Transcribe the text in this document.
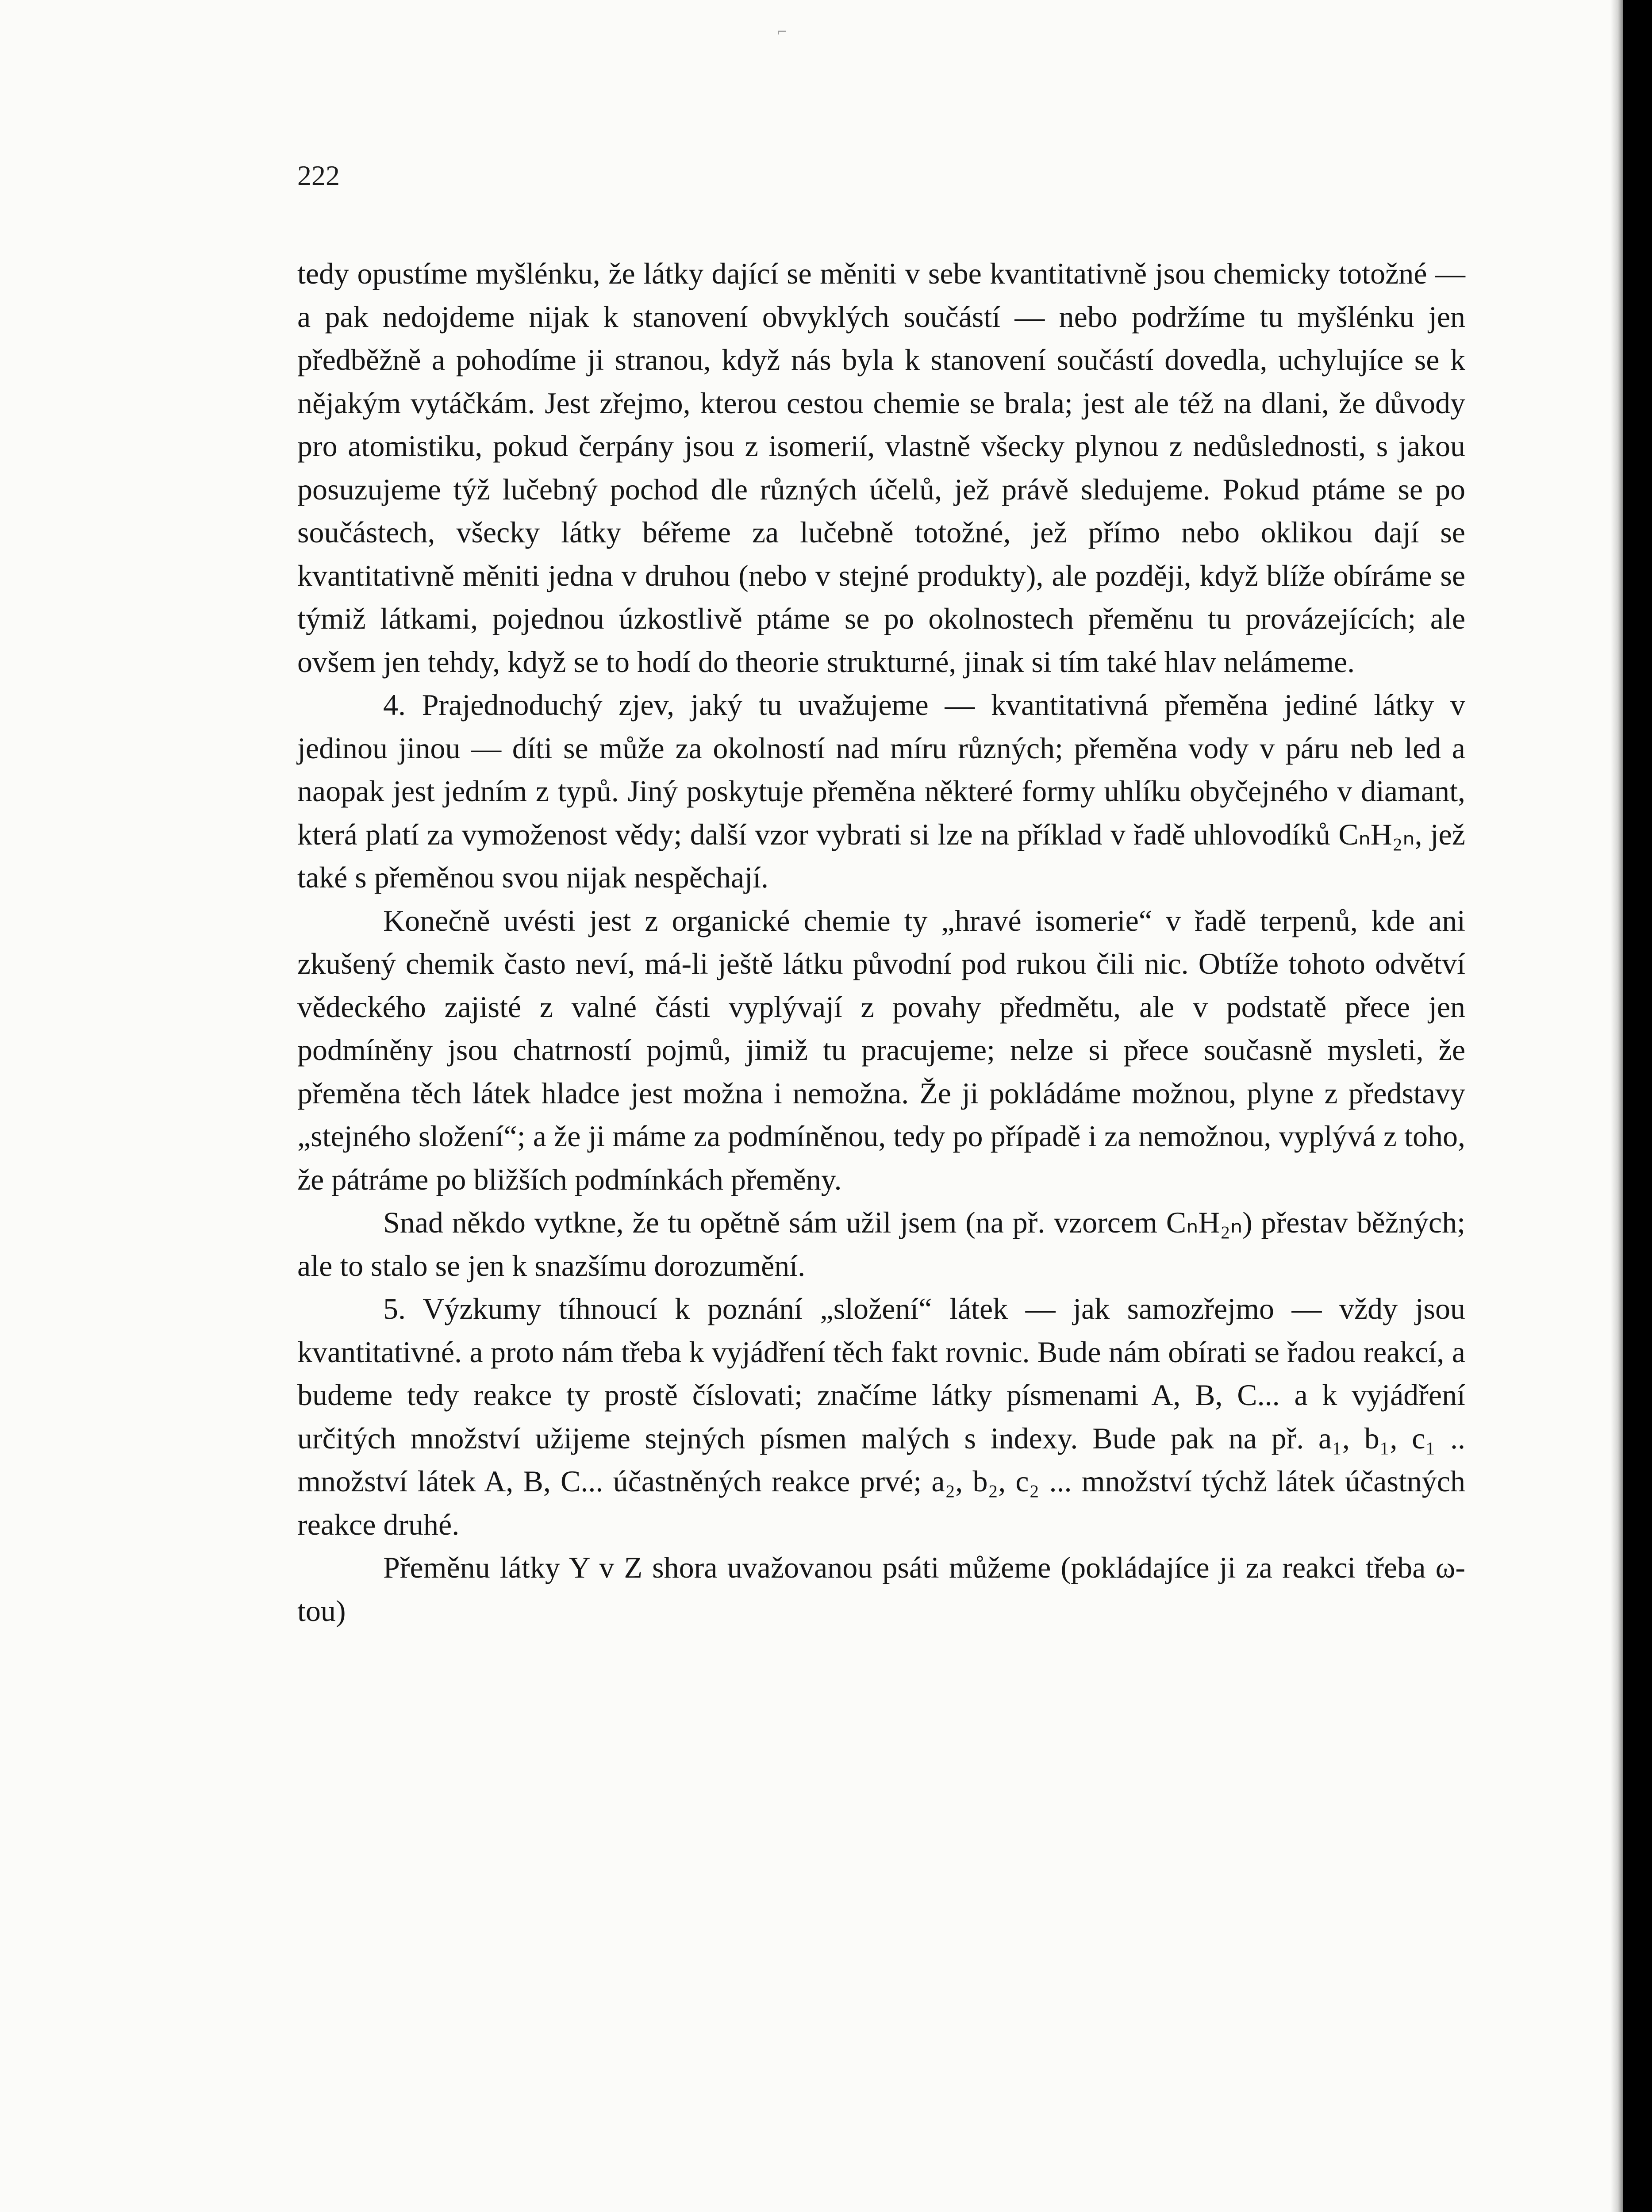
⌐
222

tedy opustíme myšlénku, že látky dající se měniti v sebe kvantitativně jsou chemicky totožné — a pak nedojdeme nijak k stanovení obvyklých součástí — nebo podržíme tu myšlénku jen předběžně a pohodíme ji stranou, když nás byla k stanovení součástí dovedla, uchylujíce se k nějakým vytáčkám. Jest zřejmo, kterou cestou chemie se brala; jest ale též na dlani, že důvody pro atomistiku, pokud čerpány jsou z isomerií, vlastně všecky plynou z nedůslednosti, s jakou posuzujeme týž lučebný pochod dle různých účelů, jež právě sledujeme. Pokud ptáme se po součástech, všecky látky béřeme za lučebně totožné, jež přímo nebo oklikou dají se kvantitativně měniti jedna v druhou (nebo v stejné produkty), ale později, když blíže obíráme se týmiž látkami, pojednou úzkostlivě ptáme se po okolnostech přeměnu tu provázejících; ale ovšem jen tehdy, když se to hodí do theorie strukturné, jinak si tím také hlav nelámeme.

4. Prajednoduchý zjev, jaký tu uvažujeme — kvantitativná přeměna jediné látky v jedinou jinou — díti se může za okolností nad míru různých; přeměna vody v páru neb led a naopak jest jedním z typů. Jiný poskytuje přeměna některé formy uhlíku obyčejného v diamant, která platí za vymoženost vědy; další vzor vybrati si lze na příklad v řadě uhlovodíků CₙH₂ₙ, jež také s přeměnou svou nijak nespěchají.

Konečně uvésti jest z organické chemie ty „hravé isomerie“ v řadě terpenů, kde ani zkušený chemik často neví, má-li ještě látku původní pod rukou čili nic. Obtíže tohoto odvětví vědeckého zajisté z valné části vyplývají z povahy předmětu, ale v podstatě přece jen podmíněny jsou chatrností pojmů, jimiž tu pracujeme; nelze si přece současně mysleti, že přeměna těch látek hladce jest možna i nemožna. Že ji pokládáme možnou, plyne z představy „stejného složení“; a že ji máme za podmíněnou, tedy po případě i za nemožnou, vyplývá z toho, že pátráme po bližších podmínkách přeměny.

Snad někdo vytkne, že tu opětně sám užil jsem (na př. vzorcem CₙH₂ₙ) přestav běžných; ale to stalo se jen k snazšímu dorozumění.

5. Výzkumy tíhnoucí k poznání „složení“ látek — jak samozřejmo — vždy jsou kvantitativné. a proto nám třeba k vyjádření těch fakt rovnic. Bude nám obírati se řadou reakcí, a budeme tedy reakce ty prostě číslovati; značíme látky písmenami A, B, C... a k vyjádření určitých množství užijeme stejných písmen malých s indexy. Bude pak na př. a₁, b₁, c₁ .. množství látek A, B, C... účastněných reakce prvé; a₂, b₂, c₂ ... množství týchž látek účastných reakce druhé.

Přeměnu látky Y v Z shora uvažovanou psáti můžeme (pokládajíce ji za reakci třeba ω-tou)
